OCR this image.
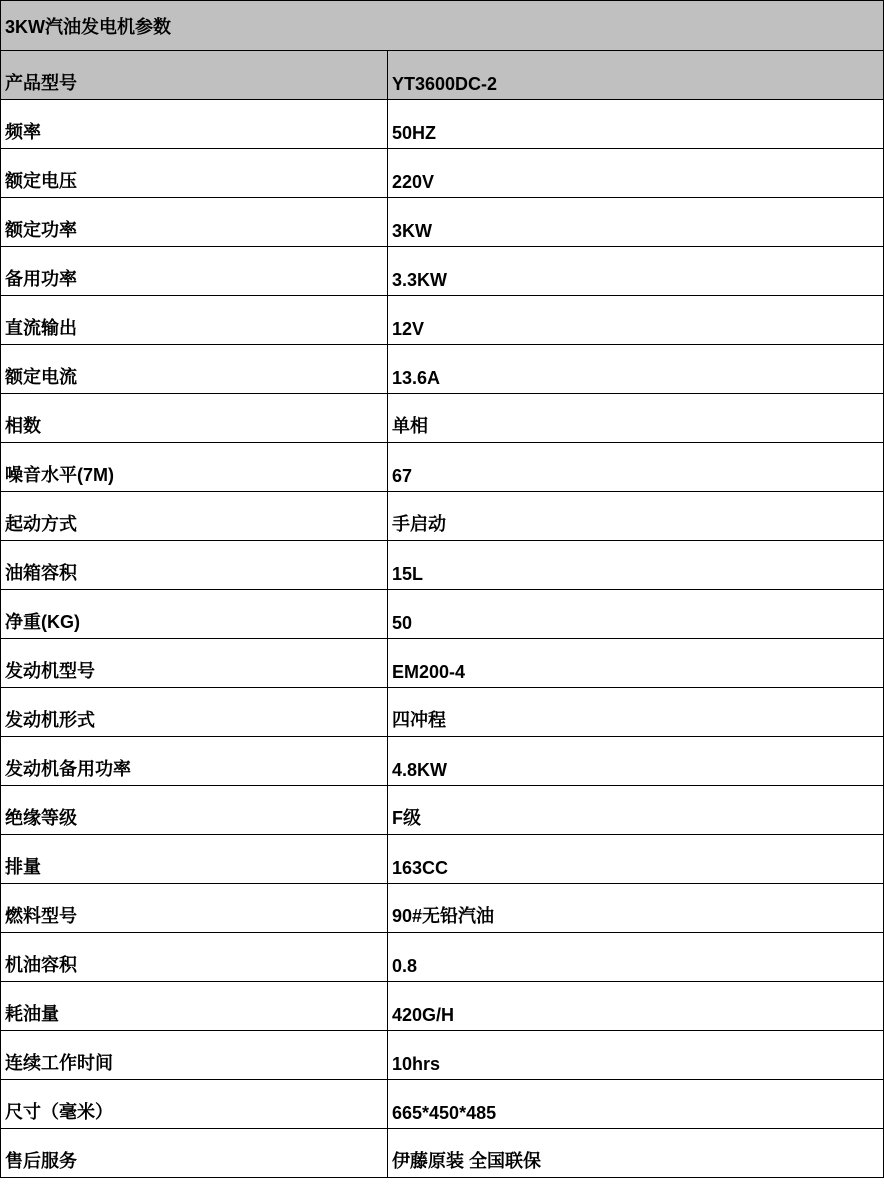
3KW汽油发电机参数	
产品型号	YT3600DC-2
频率	50HZ
额定电压	220V
额定功率	3KW
备用功率	3.3KW
直流输出	12V
额定电流	13.6A
相数	单相
噪音水平(7M)	67
起动方式	手启动
油箱容积	15L
净重(KG)	50
发动机型号	EM200-4
发动机形式	四冲程
发动机备用功率	4.8KW
绝缘等级	F级
排量	163CC
燃料型号	90#无铅汽油
机油容积	0.8
耗油量	420G/H
连续工作时间	10hrs
尺寸（毫米）	665*450*485
售后服务	伊藤原装 全国联保
